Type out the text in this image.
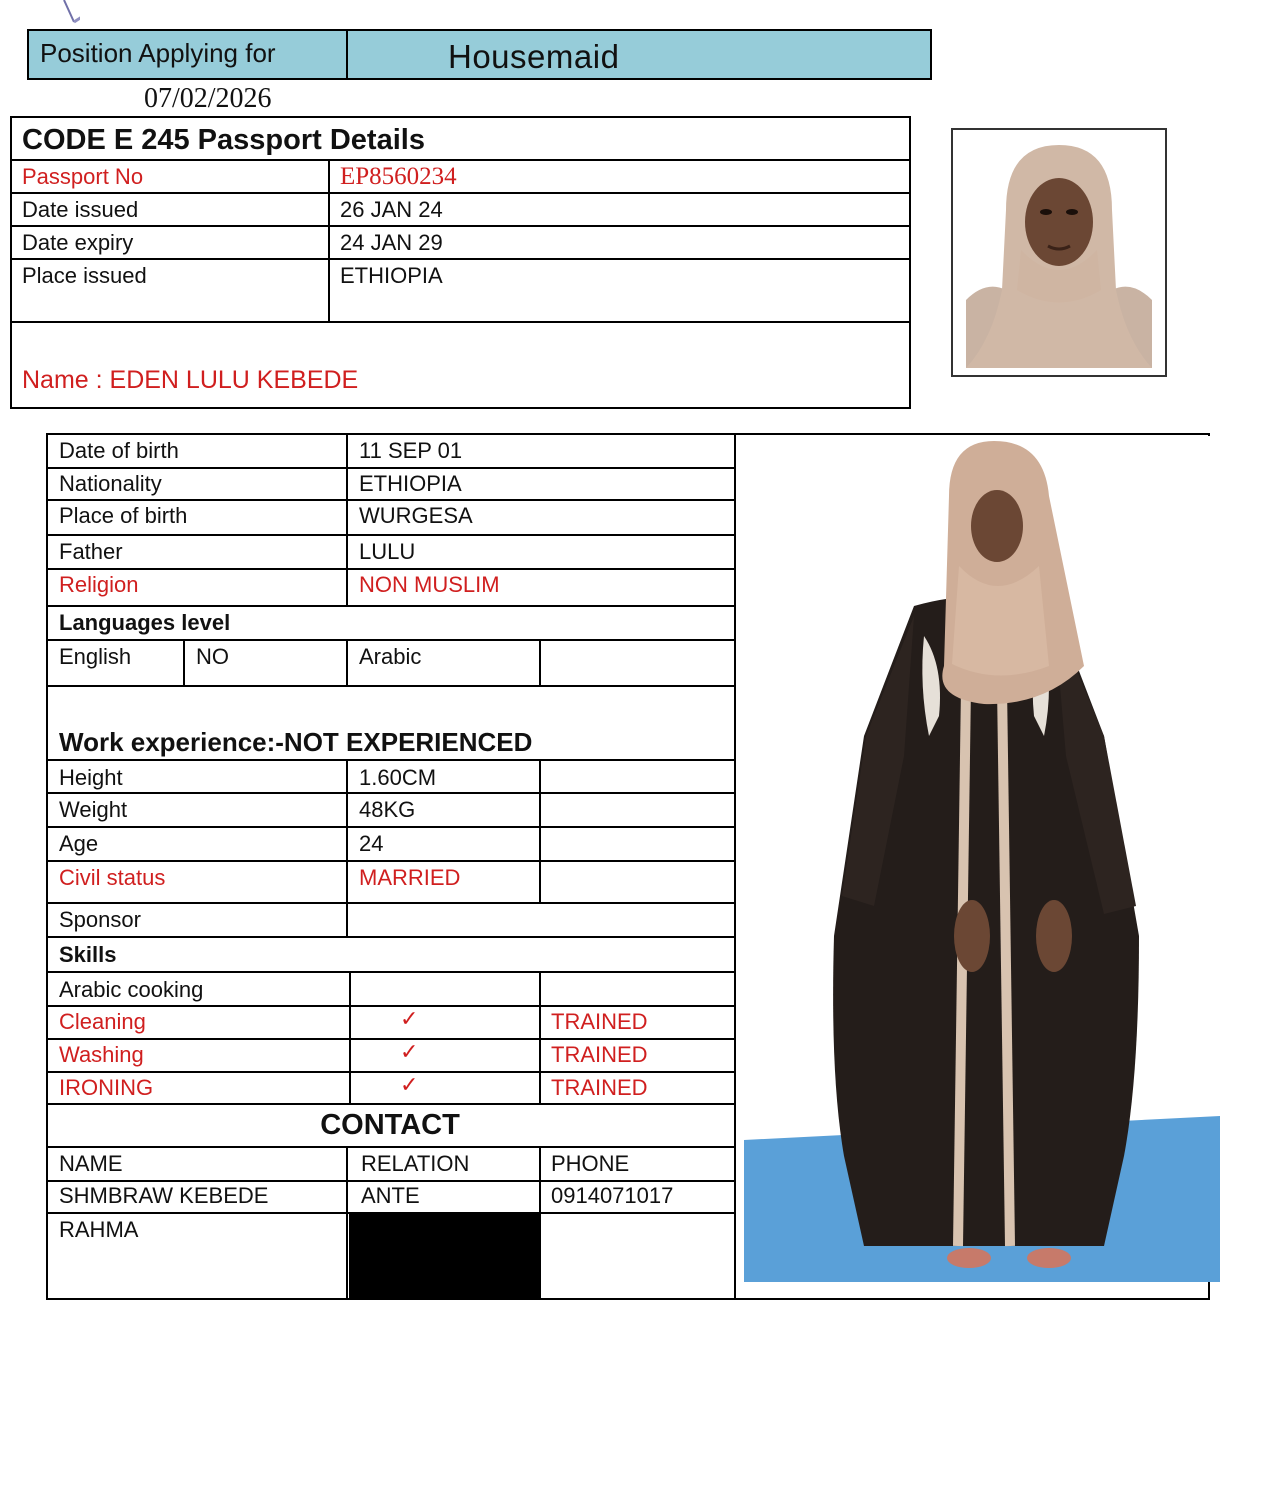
Position Applying for	Housemaid
07/02/2026
CODE E 245 Passport Details
Passport No	EP8560234
Date issued	26 JAN 24
Date expiry	24 JAN 29
Place issued	ETHIOPIA
Name : EDEN LULU KEBEDE
Date of birth	11 SEP 01
Nationality	ETHIOPIA
Place of birth	WURGESA
Father	LULU
Religion	NON MUSLIM
Languages level
English	NO	Arabic
Work experience:-NOT EXPERIENCED
Height	1.60CM
Weight	48KG
Age	24
Civil status	MARRIED
Sponsor
Skills
Arabic cooking
Cleaning	✓	TRAINED
Washing	✓	TRAINED
IRONING	✓	TRAINED
CONTACT
NAME	RELATION	PHONE
SHMBRAW KEBEDE	ANTE	0914071017
RAHMA
